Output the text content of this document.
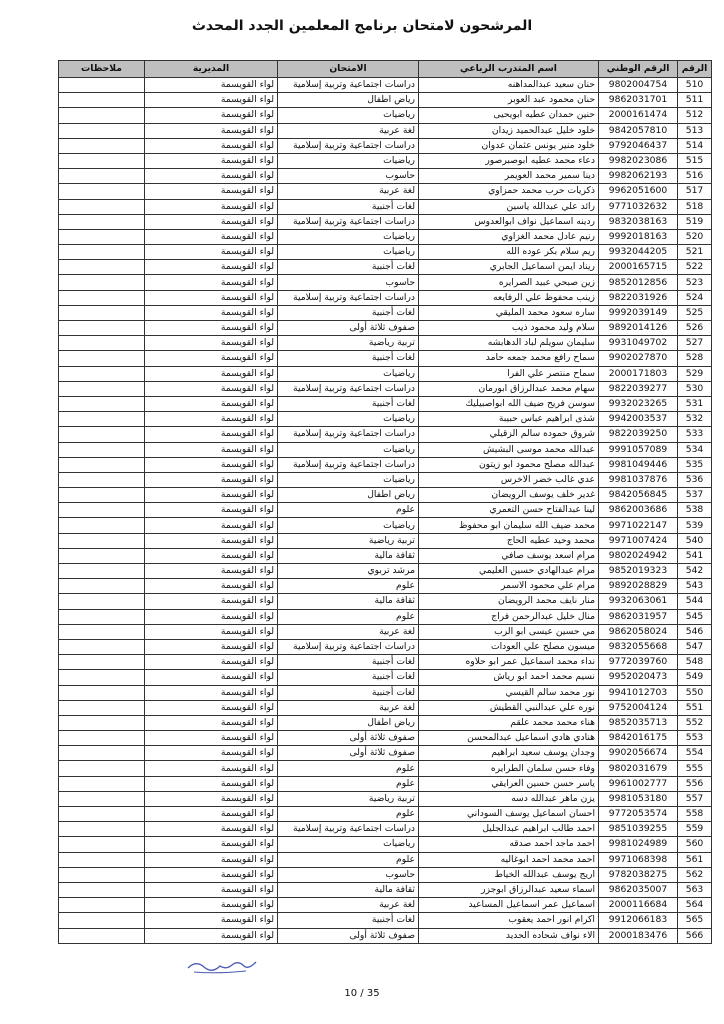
المرشحون لامتحان برنامج المعلمين الجدد المحدث
الرقم	الرقم الوطني	اسم المتدرب الرباعي	الامتحان	المديرية	ملاحظات
510	9802004754	حنان سعيد عبدالمداهنه	دراسات اجتماعية وتربية إسلامية	لواء القويسمة	
511	9862031701	حنان محمود عبد العوبر	رياض اطفال	لواء القويسمة	
512	2000161474	حنين حمدان عطيه ابويحيى	رياضيات	لواء القويسمة	
513	9842057810	خلود خليل عبدالحميد زيدان	لغة عربية	لواء القويسمة	
514	9792046437	خلود منير يونس عثمان عدوان	دراسات اجتماعية وتربية إسلامية	لواء القويسمة	
515	9982023086	دعاء محمد عطيه ابوصبرصور	رياضيات	لواء القويسمة	
516	9982062193	دينا سمير محمد العويمر	حاسوب	لواء القويسمة	
517	9962051600	ذكريات حرب محمد حمزاوي	لغة عربية	لواء القويسمة	
518	9771032632	رائد علي عبدالله ياسين	لغات أجنبية	لواء القويسمة	
519	9832038163	ردينه اسماعيل نواف ابوالعدوس	دراسات اجتماعية وتربية إسلامية	لواء القويسمة	
520	9992018163	رنيم عادل محمد الغزاوي	رياضيات	لواء القويسمة	
521	9932044205	ريم سلام بكر عوده الله	رياضيات	لواء القويسمة	
522	2000165715	ريناد ايمن اسماعيل الجابري	لغات أجنبية	لواء القويسمة	
523	9852012856	زين صبحي عبيد الصرايره	حاسوب	لواء القويسمة	
524	9822031926	زينب محفوظ علي الرفايعه	دراسات اجتماعية وتربية إسلامية	لواء القويسمة	
525	9992039149	ساره سعود محمد المليقي	لغات أجنبية	لواء القويسمة	
526	9892014126	سلام وليد محمود ذيب	صفوف ثلاثة أولى	لواء القويسمة	
527	9931049702	سليمان سويلم لباد الدهابشه	تربية رياضية	لواء القويسمة	
528	9902027870	سماح رافع محمد جمعه حامد	لغات أجنبية	لواء القويسمة	
529	2000171803	سماح منتصر علي الفرا	رياضيات	لواء القويسمة	
530	9822039277	سهام محمد عبدالرزاق ابورمان	دراسات اجتماعية وتربية إسلامية	لواء القويسمة	
531	9932023265	سوسن فريح ضيف الله ابواصبيليك	لغات أجنبية	لواء القويسمة	
532	9942003537	شذى ابراهيم عباس حبيبة	رياضيات	لواء القويسمة	
533	9822039250	شروق حموده سالم الزقيلي	دراسات اجتماعية وتربية إسلامية	لواء القويسمة	
534	9991057089	عبدالله محمد موسى البشيش	رياضيات	لواء القويسمة	
535	9981049446	عبدالله مصلح محمود ابو زيتون	دراسات اجتماعية وتربية إسلامية	لواء القويسمة	
536	9981037876	عدي غالب خضر الاخرس	رياضيات	لواء القويسمة	
537	9842056845	غدير خلف يوسف الرويضان	رياض اطفال	لواء القويسمة	
538	9862003686	لينا عبدالفتاح حسن التعمري	علوم	لواء القويسمة	
539	9971022147	محمد ضيف الله سليمان ابو محفوظ	رياضيات	لواء القويسمة	
540	9971007424	محمد وحيد عطيه الحاج	تربية رياضية	لواء القويسمة	
541	9802024942	مرام اسعد يوسف صافي	ثقافة مالية	لواء القويسمة	
542	9852019323	مرام عبدالهادي حسين العليمي	مرشد تربوي	لواء القويسمة	
543	9892028829	مرام علي محمود الاسمر	علوم	لواء القويسمة	
544	9932063061	منار نايف محمد الرويضان	ثقافة مالية	لواء القويسمة	
545	9862031957	منال خليل عبدالرحمن فراج	علوم	لواء القويسمة	
546	9862058024	مي حسين عيسى ابو الرب	لغة عربية	لواء القويسمة	
547	9832055668	ميسون مصلح علي العودات	دراسات اجتماعية وتربية إسلامية	لواء القويسمة	
548	9772039760	نداء محمد اسماعيل عمر ابو حلاوه	لغات أجنبية	لواء القويسمة	
549	9952020473	نسيم محمد احمد ابو رياش	لغات أجنبية	لواء القويسمة	
550	9941012703	نور محمد سالم القيسي	لغات أجنبية	لواء القويسمة	
551	9752004124	نوره علي عبدالنبي القطيش	لغة عربية	لواء القويسمة	
552	9852035713	هناء محمد محمد علقم	رياض اطفال	لواء القويسمة	
553	9842016175	هنادي هادي اسماعيل عبدالمحسن	صفوف ثلاثة أولى	لواء القويسمة	
554	9902056674	وجدان يوسف سعيد ابراهيم	صفوف ثلاثة أولى	لواء القويسمة	
555	9802031679	وفاء حسن سلمان الطرايره	علوم	لواء القويسمة	
556	9961002777	ياسر حسن حسين العرايقي	علوم	لواء القويسمة	
557	9981053180	يزن ماهر عبدالله دسه	تربية رياضية	لواء القويسمة	
558	9772053574	احسان اسماعيل يوسف السوداني	علوم	لواء القويسمة	
559	9851039255	احمد طالب ابراهيم عبدالجليل	دراسات اجتماعية وتربية إسلامية	لواء القويسمة	
560	9981024989	احمد ماجد احمد صدقه	رياضيات	لواء القويسمة	
561	9971068398	احمد محمد احمد ابوغاليه	علوم	لواء القويسمة	
562	9782038275	اريج يوسف عبدالله الخياط	حاسوب	لواء القويسمة	
563	9862035007	اسماء سعيد عبدالرزاق ابوجزر	ثقافة مالية	لواء القويسمة	
564	2000116684	اسماعيل عمر اسماعيل المساعيد	لغة عربية	لواء القويسمة	
565	9912066183	اكرام انور احمد يعقوب	لغات أجنبية	لواء القويسمة	
566	2000183476	الاء نواف شحاده الحديد	صفوف ثلاثة أولى	لواء القويسمة	
10 / 35
